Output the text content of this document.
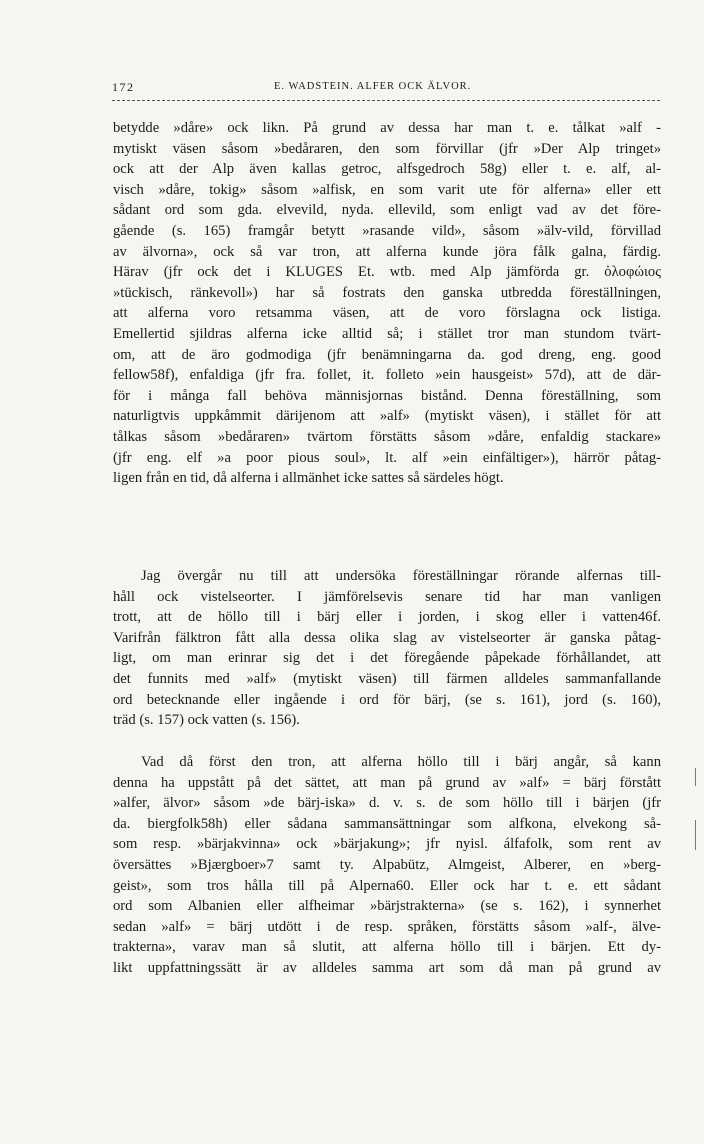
172	E. WADSTEIN. ALFER OCK ÄLVOR.
betydde »dåre» ock likn. På grund av dessa har man t. e. tålkat »alf -
mytiskt väsen såsom »bedåraren, den som förvillar (jfr »Der Alp tringet»
ock att der Alp även kallas getroc, alfsgedroch 58g) eller t. e. alf, al-
visch »dåre, tokig» såsom »alfisk, en som varit ute för alferna» eller ett
sådant ord som gda. elvevild, nyda. ellevild, som enligt vad av det före-
gående (s. 165) framgår betytt »rasande vild», såsom »älv-vild, förvillad
av älvorna», ock så var tron, att alferna kunde jöra fålk galna, färdig.
Härav (jfr ock det i KLUGES Et. wtb. med Alp jämförda gr. ὀλοφώιος
»tückisch, ränkevoll») har så fostrats den ganska utbredda föreställningen,
att alferna voro retsamma väsen, att de voro förslagna ock listiga.
Emellertid sjildras alferna icke alltid så; i stället tror man stundom tvärt-
om, att de äro godmodiga (jfr benämningarna da. god dreng, eng. good
fellow58f), enfaldiga (jfr fra. follet, it. folleto »ein hausgeist» 57d), att de där-
för i många fall behöva männisjornas bistånd. Denna föreställning, som
naturligtvis uppkåmmit därijenom att »alf» (mytiskt väsen), i stället för att
tålkas såsom »bedåraren» tvärtom förstätts såsom »dåre, enfaldig stackare»
(jfr eng. elf »a poor pious soul», lt. alf »ein einfältiger»), härrör påtag-
ligen från en tid, då alferna i allmänhet icke sattes så särdeles högt.
Jag övergår nu till att undersöka föreställningar rörande alfernas till-
håll ock vistelseorter. I jämförelsevis senare tid har man vanligen
trott, att de höllo till i bärj eller i jorden, i skog eller i vatten46f.
Varifrån fälktron fått alla dessa olika slag av vistelseorter är ganska påtag-
ligt, om man erinrar sig det i det föregående påpekade förhållandet, att
det funnits med »alf» (mytiskt väsen) till färmen alldeles sammanfallande
ord betecknande eller ingående i ord för bärj, (se s. 161), jord (s. 160),
träd (s. 157) ock vatten (s. 156).
Vad då först den tron, att alferna höllo till i bärj angår, så kann
denna ha uppstått på det sättet, att man på grund av »alf» = bärj förstått
»alfer, älvor» såsom »de bärj-iska» d. v. s. de som höllo till i bärjen (jfr
da. biergfolk58h) eller sådana sammansättningar som alfkona, elvekong så-
som resp. »bärjakvinna» ock »bärjakung»; jfr nyisl. álfafolk, som rent av
översättes »Bjærgboer»7 samt ty. Alpabütz, Almgeist, Alberer, en »berg-
geist», som tros hålla till på Alperna60. Eller ock har t. e. ett sådant
ord som Albanien eller alfheimar »bärjstrakterna» (se s. 162), i synnerhet
sedan »alf» = bärj utdött i de resp. språken, förstätts såsom »alf-, älve-
trakterna», varav man så slutit, att alferna höllo till i bärjen. Ett dy-
likt uppfattningssätt är av alldeles samma art som då man på grund av
